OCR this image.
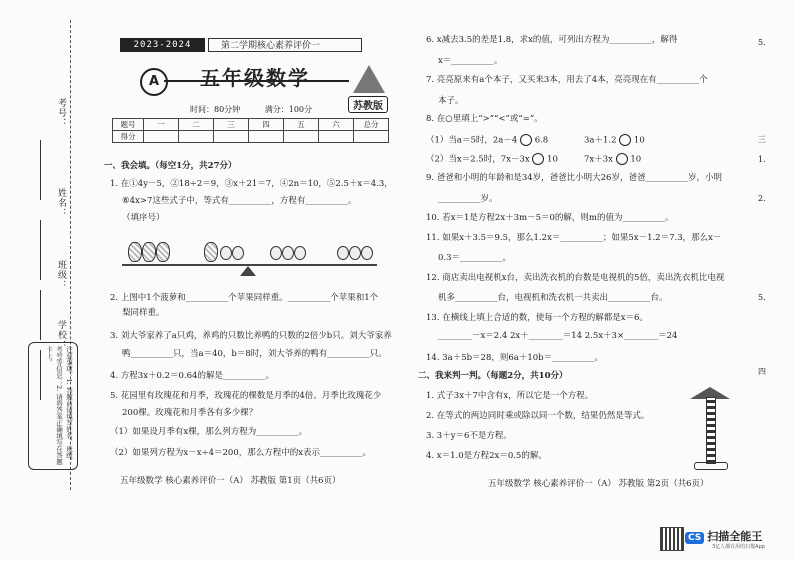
考号：
姓名：
班级：
学校：
注意事项：1. 答题前请填写姓名、班级、考号等信息；2. 请将答案正确填写在答题卡上。
2023-2024	第二学期核心素养评价一
A	五年级数学
苏教版
时间：80分钟	满分：100分
题号	一	二	三	四	五	六	总分
得分							
一、我会填。（每空1分，共27分）
1. 在①4y－5，②18÷2＝9，③x＋21＝7，④2n＝10，⑤2.5＋x＝4.3，
⑥4x>7这些式子中，等式有__________，方程有__________。
（填序号）
2. 上图中1个菠萝和__________个苹果同样重。__________个苹果和1个
梨同样重。
3. 刘大爷家养了a只鸡，养鸡的只数比养鸭的只数的2倍少b只。刘大爷家养
鸭__________只，当a＝40，b＝8时，刘大爷养的鸭有__________只。
4. 方程3x＋0.2＝0.64的解是__________。
5. 花园里有玫瑰花和月季，玫瑰花的棵数是月季的4倍。月季比玫瑰花少
200棵。玫瑰花和月季各有多少棵？
（1）如果设月季有x棵，那么列方程为__________。
（2）如果列方程为x－x÷4＝200，那么方程中的x表示__________。
五年级数学 核心素养评价一（A） 苏教版 第1页（共6页）
6. x减去3.5的差是1.8，求x的值，可列出方程为__________，解得
x＝__________。
7. 亮亮原来有a个本子，又买来3本，用去了4本，亮亮现在有__________个
本子。
8. 在○里填上“>”“<”或“=”。
（1）当a＝5时，2a－4 6.8	3a＋1.2 10
（2）当x＝2.5时，7x－3x 10	7x＋3x 10
9. 爸爸和小明的年龄和是34岁，爸爸比小明大26岁，爸爸__________岁，小明
__________岁。
10. 若x＝1是方程2x＋3m－5＝0的解，则m的值为__________。
11. 如果x＋3.5＝9.5，那么1.2x＝__________；如果5x－1.2＝7.3，那么x－
0.3＝__________。
12. 商店卖出电视机x台，卖出洗衣机的台数是电视机的5倍，卖出洗衣机比电视
机多__________台，电视机和洗衣机一共卖出__________台。
13. 在横线上填上合适的数，使每一个方程的解都是x＝6。
________－x＝2.4 2x＋________＝14 2.5x＋3×________＝24
14. 3a＋5b＝28，则6a＋10b＝__________。
二、我来判一判。（每题2分，共10分）
1. 式子3x＋7中含有x，所以它是一个方程。
2. 在等式的两边同时乘或除以同一个数，结果仍然是等式。
3. 3＋y＝6不是方程。
4. x＝1.0是方程2x＝0.5的解。
五年级数学 核心素养评价一（A） 苏教版 第2页（共6页）
5.
三
1.
2.
5.
四
CS 扫描全能王
3亿人都在用的扫描App
